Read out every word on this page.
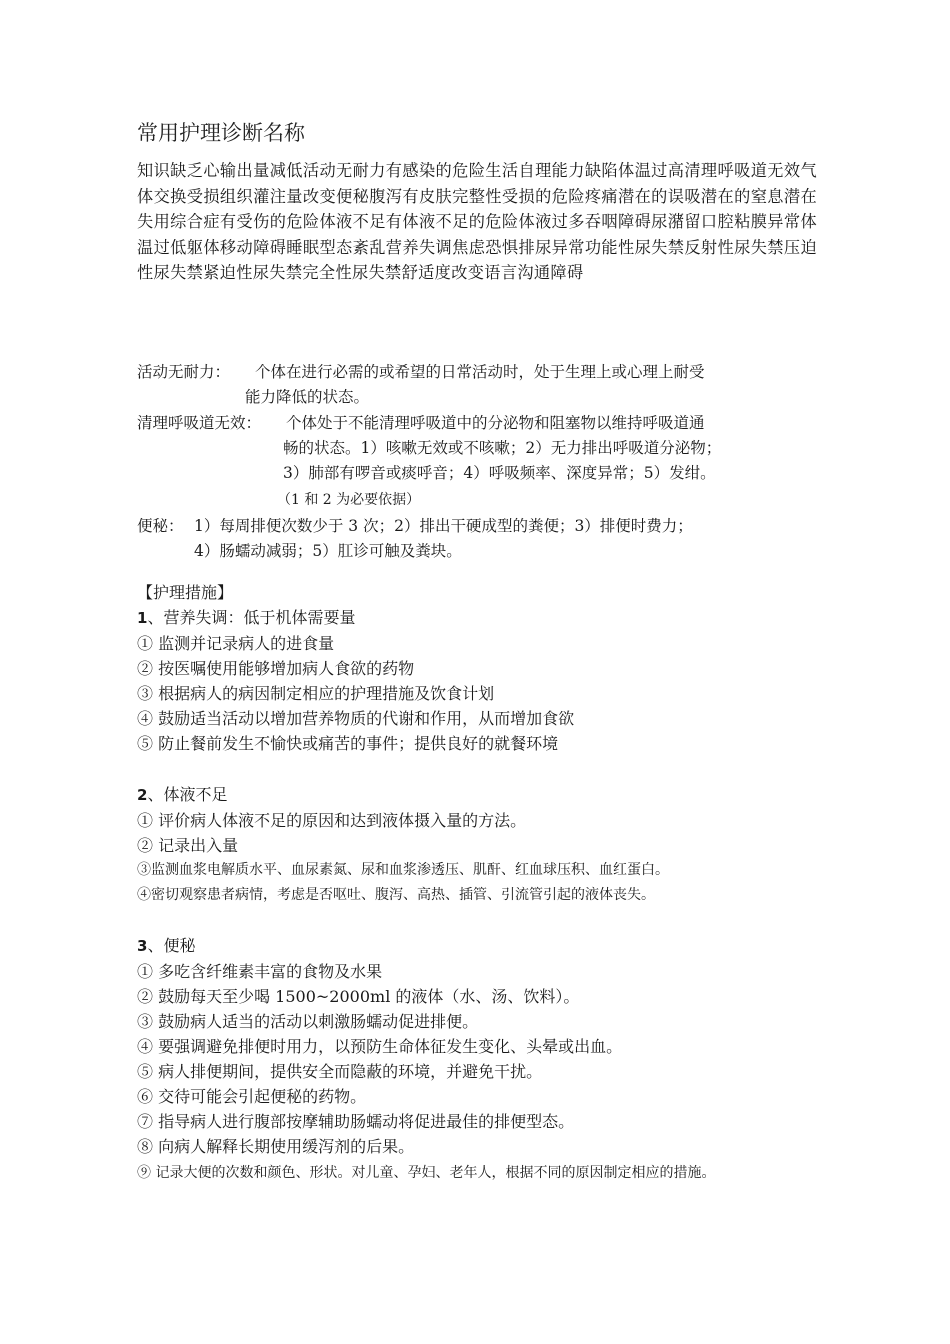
常用护理诊断名称
知识缺乏心输出量减低活动无耐力有感染的危险生活自理能力缺陷体温过高清理呼吸道无效气体交换受损组织灌注量改变便秘腹泻有皮肤完整性受损的危险疼痛潜在的误吸潜在的窒息潜在失用综合症有受伤的危险体液不足有体液不足的危险体液过多吞咽障碍尿潴留口腔粘膜异常体温过低躯体移动障碍睡眠型态紊乱营养失调焦虑恐惧排尿异常功能性尿失禁反射性尿失禁压迫性尿失禁紧迫性尿失禁完全性尿失禁舒适度改变语言沟通障碍
活动无耐力：	个体在进行必需的或希望的日常活动时，处于生理上或心理上耐受
能力降低的状态。
清理呼吸道无效：	个体处于不能清理呼吸道中的分泌物和阻塞物以维持呼吸道通
畅的状态。1）咳嗽无效或不咳嗽；2）无力排出呼吸道分泌物；
3）肺部有啰音或痰呼音；4）呼吸频率、深度异常；5）发绀。
（1 和 2 为必要依据）
便秘： 1）每周排便次数少于 3 次；2）排出干硬成型的粪便；3）排便时费力；
4）肠蠕动减弱；5）肛诊可触及粪块。
【护理措施】
1、营养失调：低于机体需要量
① 监测并记录病人的进食量
② 按医嘱使用能够增加病人食欲的药物
③ 根据病人的病因制定相应的护理措施及饮食计划
④ 鼓励适当活动以增加营养物质的代谢和作用，从而增加食欲
⑤ 防止餐前发生不愉快或痛苦的事件；提供良好的就餐环境
2、体液不足
① 评价病人体液不足的原因和达到液体摄入量的方法。
② 记录出入量
③监测血浆电解质水平、血尿素氮、尿和血浆渗透压、肌酐、红血球压积、血红蛋白。
④密切观察患者病情，考虑是否呕吐、腹泻、高热、插管、引流管引起的液体丧失。
3、便秘
① 多吃含纤维素丰富的食物及水果
② 鼓励每天至少喝 1500~2000ml 的液体（水、汤、饮料）。
③ 鼓励病人适当的活动以刺激肠蠕动促进排便。
④ 要强调避免排便时用力，以预防生命体征发生变化、头晕或出血。
⑤ 病人排便期间，提供安全而隐蔽的环境，并避免干扰。
⑥ 交待可能会引起便秘的药物。
⑦ 指导病人进行腹部按摩辅助肠蠕动将促进最佳的排便型态。
⑧ 向病人解释长期使用缓泻剂的后果。
⑨ 记录大便的次数和颜色、形状。对儿童、孕妇、老年人，根据不同的原因制定相应的措施。
